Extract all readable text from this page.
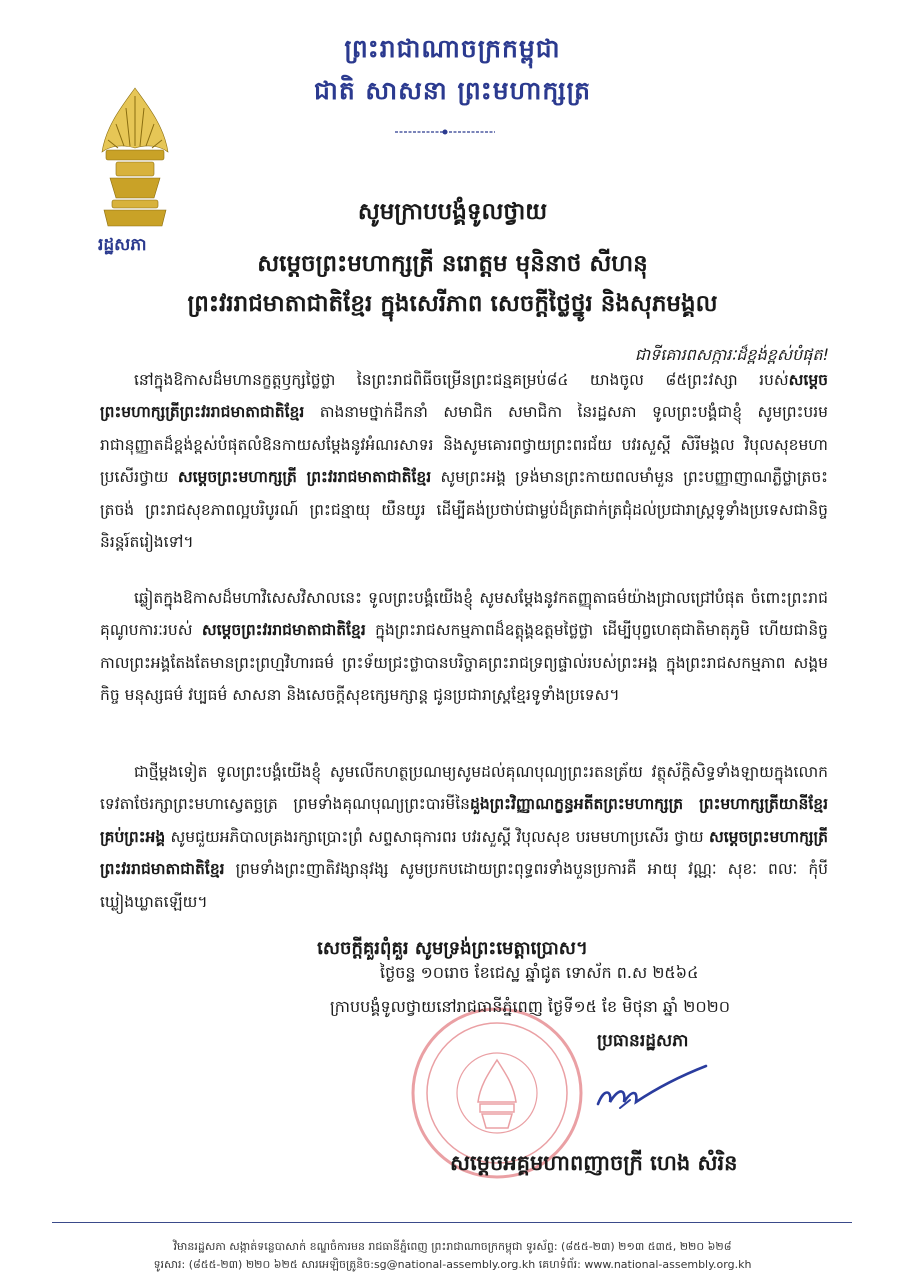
ព្រះរាជាណាចក្រកម្ពុជា
ជាតិ សាសនា ព្រះមហាក្សត្រ
រដ្ឋសភា
សូមក្រាបបង្គំទូលថ្វាយ
សម្តេចព្រះមហាក្សត្រី នរោត្តម មុនិនាថ សីហនុ
ព្រះវររាជមាតាជាតិខ្មែរ ក្នុងសេរីភាព សេចក្តីថ្លៃថ្នូរ និងសុភមង្គល
ជាទីគោរពសក្ការៈដ៏ខ្ពង់ខ្ពស់បំផុត!
នៅក្នុងឱកាសដ៏មហានក្ខត្តឫក្សថ្លៃថ្លា នៃព្រះរាជពិធីចម្រើនព្រះជន្មគម្រប់៨៤ យាងចូល ៨៥ព្រះវស្សា របស់សម្តេចព្រះមហាក្សត្រីព្រះវររាជមាតាជាតិខ្មែរ តាងនាមថ្នាក់ដឹកនាំ សមាជិក សមាជិកា នៃរដ្ឋសភា ទូលព្រះបង្គំជាខ្ញុំ សូមព្រះបរមរាជានុញ្ញាតដ៏ខ្ពង់ខ្ពស់បំផុតលំឱនកាយសម្តែងនូវអំណរសាទរ និងសូមគោរពថ្វាយព្រះពរជ័យ បវរសួស្តី សិរីមង្គល វិបុលសុខមហាប្រសើរថ្វាយ សម្តេចព្រះមហាក្សត្រី ព្រះវររាជមាតាជាតិខ្មែរ សូមព្រះអង្គ ទ្រង់មានព្រះកាយពលមាំមួន ព្រះបញ្ញាញាណភ្លឺថ្លាត្រចះត្រចង់ ព្រះរាជសុខភាពល្អបរិបូរណ៍ ព្រះជន្មាយុ យឺនយូរ ដើម្បីគង់ប្រថាប់ជាម្លប់ដ៏ត្រជាក់ត្រជុំដល់ប្រជារាស្ត្រទូទាំងប្រទេសជានិច្ចនិរន្តរ៍តរៀងទៅ។
ឆ្លៀតក្នុងឱកាសដ៏មហាវិសេសវិសាលនេះ ទូលព្រះបង្គំយើងខ្ញុំ សូមសម្តែងនូវកតញ្ញុតាធម៌យ៉ាងជ្រាលជ្រៅបំផុត ចំពោះព្រះរាជគុណូបការៈរបស់ សម្តេចព្រះវររាជមាតាជាតិខ្មែរ ក្នុងព្រះរាជសកម្មភាពដ៏ឧត្តុង្គឧត្តមថ្លៃថ្លា ដើម្បីបុព្វហេតុជាតិមាតុភូមិ ហើយជានិច្ចកាលព្រះអង្គតែងតែមានព្រះព្រហ្មវិហារធម៌ ព្រះទ័យជ្រះថ្លាបានបរិច្ចាគព្រះរាជទ្រព្យផ្ទាល់របស់ព្រះអង្គ ក្នុងព្រះរាជសកម្មភាព សង្គមកិច្ច មនុស្សធម៌ វប្បធម៌ សាសនា និងសេចក្តីសុខក្សេមក្សាន្ត ជូនប្រជារាស្ត្រខ្មែរទូទាំងប្រទេស។
ជាថ្មីម្តងទៀត ទូលព្រះបង្គំយើងខ្ញុំ សូមលើកហត្ថប្រណម្យសូមដល់គុណបុណ្យព្រះរតនត្រ័យ វត្ថុស័ក្តិសិទ្ធទាំងឡាយក្នុងលោក ទេវតាថែរក្សាព្រះមហាស្វេតច្ឆត្រ ព្រមទាំងគុណបុណ្យព្រះបារមីនៃដួងព្រះវិញ្ញាណក្ខន្ធអតីតព្រះមហាក្សត្រ ព្រះមហាក្សត្រីយានីខ្មែរគ្រប់ព្រះអង្គ សូមជួយអភិបាលគ្រងរក្សាប្រោះព្រំ សព្ទសាធុការពរ បវរសួស្តី វិបុលសុខ បរមមហាប្រសើរ ថ្វាយ សម្តេចព្រះមហាក្សត្រី ព្រះវររាជមាតាជាតិខ្មែរ ព្រមទាំងព្រះញាតិវង្សានុវង្ស សូមប្រកបដោយព្រះពុទ្ធពរទាំងបួនប្រការគឺ អាយុ វណ្ណៈ សុខៈ ពលៈ កុំបីឃ្លៀងឃ្លាតឡើយ។
សេចក្តីគួរពុំគួរ សូមទ្រង់ព្រះមេត្តាប្រោស។
ថ្ងៃចន្ទ ១០រោច ខែជេស្ឋ ឆ្នាំជូត ទោស័ក ព.ស ២៥៦៤
ក្រាបបង្គំទូលថ្វាយនៅរាជធានីភ្នំពេញ ថ្ងៃទី១៥ ខែ មិថុនា ឆ្នាំ ២០២០
ប្រធានរដ្ឋសភា
សម្តេចអគ្គមហាពញាចក្រី ហេង សំរិន
វិមានរដ្ឋសភា សង្កាត់ទន្លេបាសាក់ ខណ្ឌចំការមន រាជធានីភ្នំពេញ ព្រះរាជាណាចក្រកម្ពុជា ទូរស័ព្ទ: (៨៥៥-២៣) ២១៣ ៥៣៥, ២២០ ៦២៨
ទូរសារ: (៨៥៥-២៣) ២២០ ៦២៥ សារអេឡិចត្រូនិច:sg@national-assembly.org.kh គេហទំព័រ: www.national-assembly.org.kh
